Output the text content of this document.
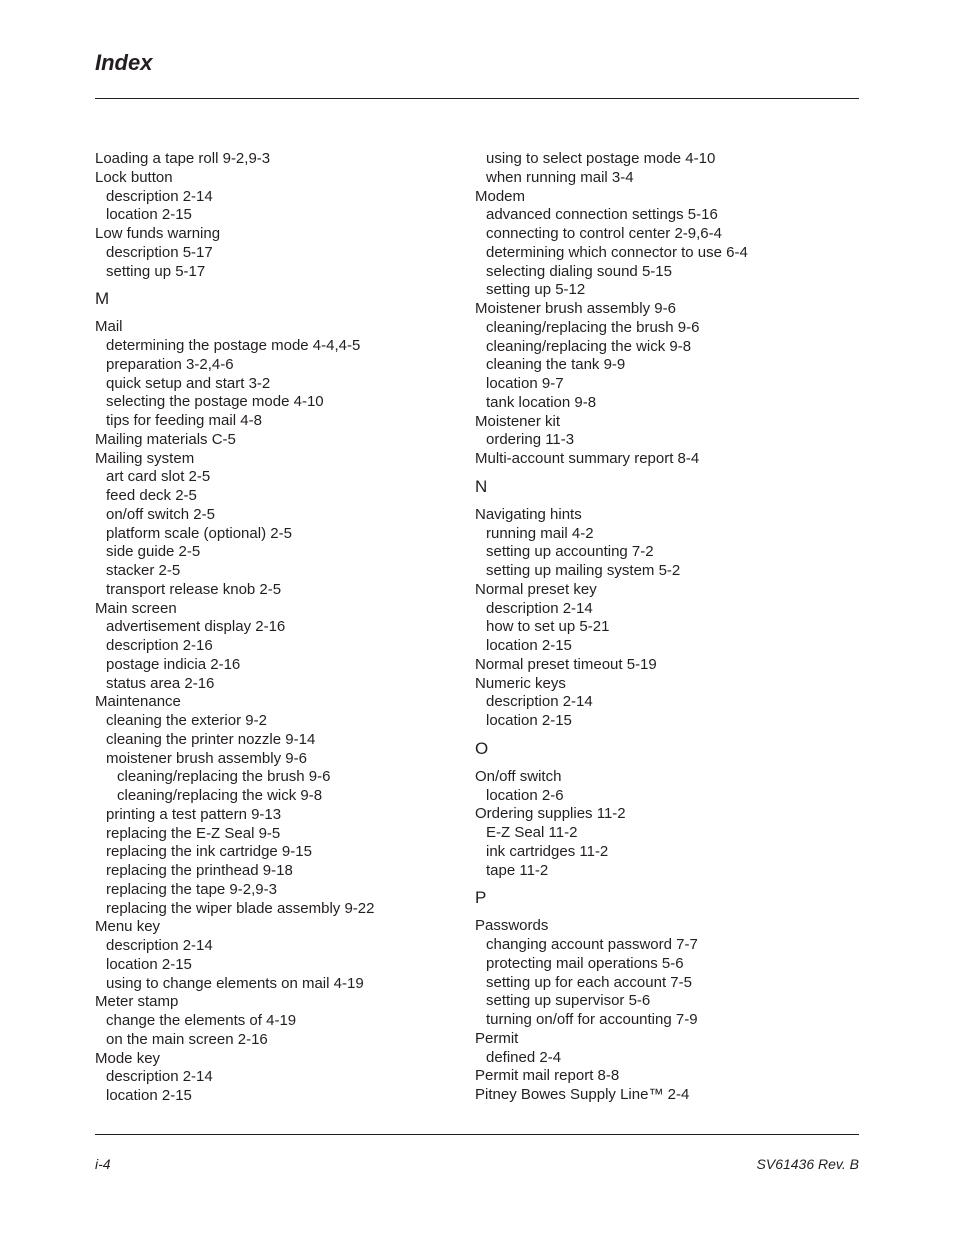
Index
Loading a tape roll 9-2,9-3
Lock button
description 2-14
location 2-15
Low funds warning
description 5-17
setting up 5-17
M
Mail
determining the postage mode 4-4,4-5
preparation 3-2,4-6
quick setup and start 3-2
selecting the postage mode 4-10
tips for feeding mail 4-8
Mailing materials C-5
Mailing system
art card slot 2-5
feed deck 2-5
on/off switch 2-5
platform scale (optional) 2-5
side guide 2-5
stacker 2-5
transport release knob 2-5
Main screen
advertisement display 2-16
description 2-16
postage indicia 2-16
status area 2-16
Maintenance
cleaning the exterior 9-2
cleaning the printer nozzle 9-14
moistener brush assembly 9-6
cleaning/replacing the brush 9-6
cleaning/replacing the wick 9-8
printing a test pattern 9-13
replacing the E-Z Seal 9-5
replacing the ink cartridge 9-15
replacing the printhead 9-18
replacing the tape 9-2,9-3
replacing the wiper blade assembly 9-22
Menu key
description 2-14
location 2-15
using to change elements on mail 4-19
Meter stamp
change the elements of 4-19
on the main screen 2-16
Mode key
description 2-14
location 2-15
using to select postage mode 4-10
when running mail 3-4
Modem
advanced connection settings 5-16
connecting to control center 2-9,6-4
determining which connector to use 6-4
selecting dialing sound 5-15
setting up 5-12
Moistener brush assembly 9-6
cleaning/replacing the brush 9-6
cleaning/replacing the wick 9-8
cleaning the tank 9-9
location 9-7
tank location 9-8
Moistener kit
ordering 11-3
Multi-account summary report 8-4
N
Navigating hints
running mail 4-2
setting up accounting 7-2
setting up mailing system 5-2
Normal preset key
description 2-14
how to set up 5-21
location 2-15
Normal preset timeout 5-19
Numeric keys
description 2-14
location 2-15
O
On/off switch
location 2-6
Ordering supplies 11-2
E-Z Seal 11-2
ink cartridges 11-2
tape 11-2
P
Passwords
changing account password 7-7
protecting mail operations 5-6
setting up for each account 7-5
setting up supervisor 5-6
turning on/off for accounting 7-9
Permit
defined 2-4
Permit mail report 8-8
Pitney Bowes Supply Line™ 2-4
i-4	SV61436 Rev. B
